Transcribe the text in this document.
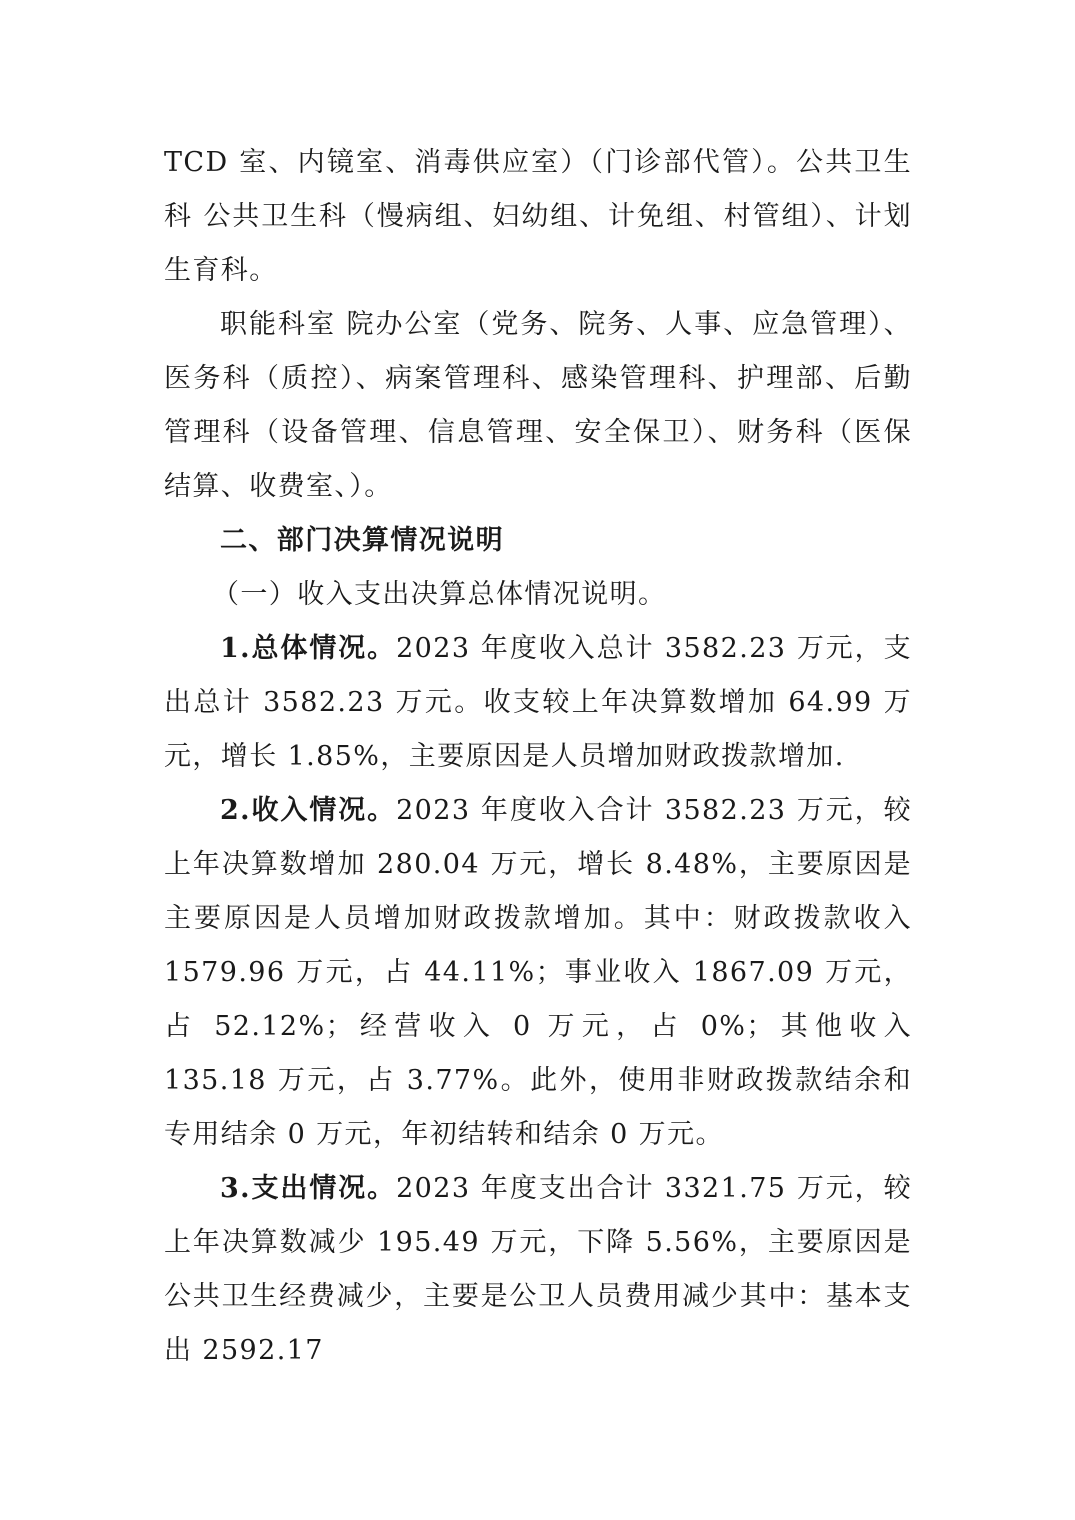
TCD 室、内镜室、消毒供应室）（门诊部代管）。公共卫生科 公共卫生科（慢病组、妇幼组、计免组、村管组）、计划生育科。

职能科室 院办公室（党务、院务、人事、应急管理）、医务科（质控）、病案管理科、感染管理科、护理部、后勤管理科（设备管理、信息管理、安全保卫）、财务科（医保结算、收费室、）。

二、部门决算情况说明

（一）收入支出决算总体情况说明。

1.总体情况。2023 年度收入总计 3582.23 万元，支出总计 3582.23 万元。收支较上年决算数增加 64.99 万元，增长 1.85%，主要原因是人员增加财政拨款增加.

2.收入情况。2023 年度收入合计 3582.23 万元，较上年决算数增加 280.04 万元，增长 8.48%，主要原因是主要原因是人员增加财政拨款增加。其中：财政拨款收入 1579.96 万元，占 44.11%；事业收入 1867.09 万元，占 52.12%；经营收入 0 万元，占 0%；其他收入 135.18 万元，占 3.77%。此外，使用非财政拨款结余和专用结余 0 万元，年初结转和结余 0 万元。

3.支出情况。2023 年度支出合计 3321.75 万元，较上年决算数减少 195.49 万元，下降 5.56%，主要原因是公共卫生经费减少，主要是公卫人员费用减少其中：基本支出 2592.17
